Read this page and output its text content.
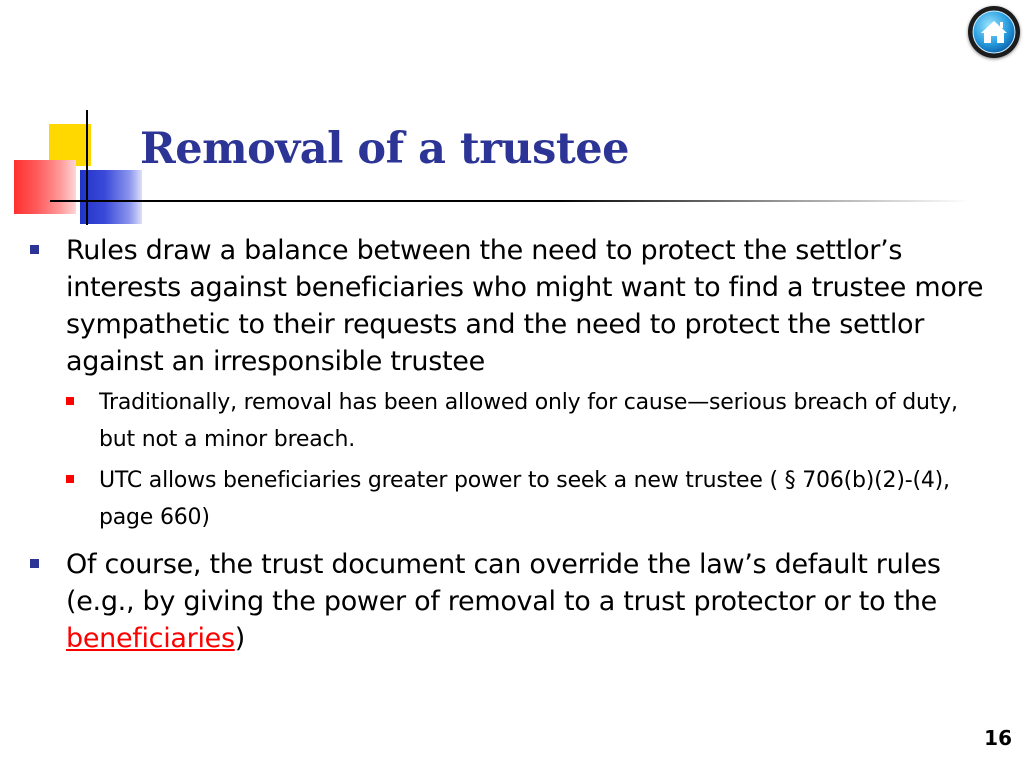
Removal of a trustee
Rules draw a balance between the need to protect the settlor’s interests against beneficiaries who might want to find a trustee more sympathetic to their requests and the need to protect the settlor against an irresponsible trustee
Traditionally, removal has been allowed only for cause—serious breach of duty, but not a minor breach.
UTC allows beneficiaries greater power to seek a new trustee ( § 706(b)(2)-(4), page 660)
Of course, the trust document can override the law’s default rules (e.g., by giving the power of removal to a trust protector or to the beneficiaries)
16
